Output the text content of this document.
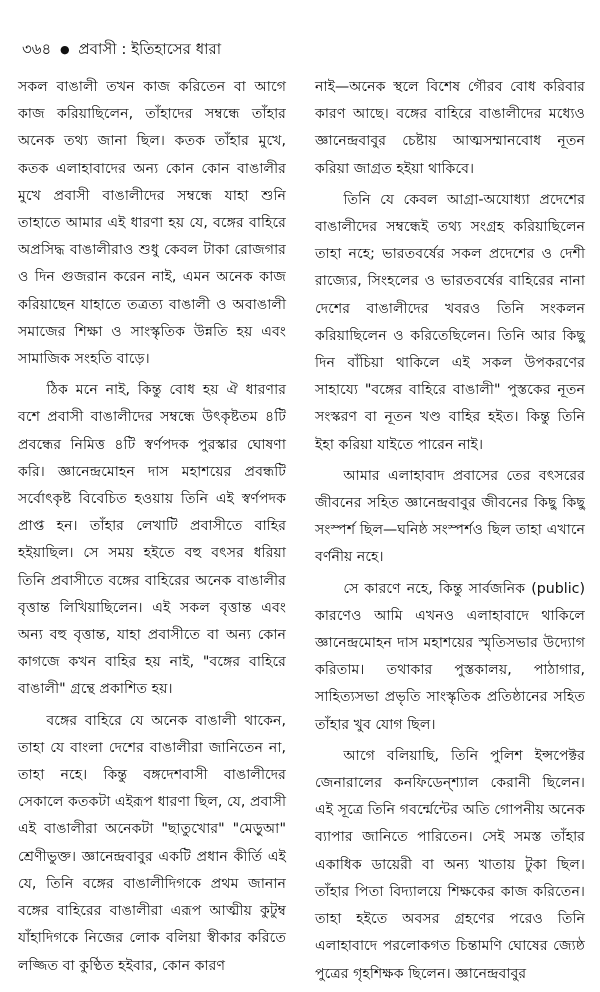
৩৬৪ ● প্রবাসী : ইতিহাসের ধারা

সকল বাঙালী তখন কাজ করিতেন বা আগে কাজ করিয়াছিলেন, তাঁহাদের সম্বন্ধে তাঁহার অনেক তথ্য জানা ছিল। কতক তাঁহার মুখে, কতক এলাহাবাদের অন্য কোন কোন বাঙালীর মুখে প্রবাসী বাঙালীদের সম্বন্ধে যাহা শুনি তাহাতে আমার এই ধারণা হয় যে, বঙ্গের বাহিরে অপ্রসিদ্ধ বাঙালীরাও শুধু কেবল টাকা রোজগার ও দিন গুজরান করেন নাই, এমন অনেক কাজ করিয়াছেন যাহাতে তত্রত্য বাঙালী ও অবাঙালী সমাজের শিক্ষা ও সাংস্কৃতিক উন্নতি হয় এবং সামাজিক সংহতি বাড়ে।

ঠিক মনে নাই, কিন্তু বোধ হয় ঐ ধারণার বশে প্রবাসী বাঙালীদের সম্বন্ধে উৎকৃষ্টতম ৪টি প্রবন্ধের নিমিত্ত ৪টি স্বর্ণপদক পুরস্কার ঘোষণা করি। জ্ঞানেন্দ্রমোহন দাস মহাশয়ের প্রবন্ধটি সর্বোৎকৃষ্ট বিবেচিত হওয়ায় তিনি এই স্বর্ণপদক প্রাপ্ত হন। তাঁহার লেখাটি প্রবাসীতে বাহির হইয়াছিল। সে সময় হইতে বহু বৎসর ধরিয়া তিনি প্রবাসীতে বঙ্গের বাহিরের অনেক বাঙালীর বৃত্তান্ত লিখিয়াছিলেন। এই সকল বৃত্তান্ত এবং অন্য বহু বৃত্তান্ত, যাহা প্রবাসীতে বা অন্য কোন কাগজে কখন বাহির হয় নাই, "বঙ্গের বাহিরে বাঙালী" গ্রন্থে প্রকাশিত হয়।

বঙ্গের বাহিরে যে অনেক বাঙালী থাকেন, তাহা যে বাংলা দেশের বাঙালীরা জানিতেন না, তাহা নহে। কিন্তু বঙ্গদেশবাসী বাঙালীদের সেকালে কতকটা এইরূপ ধারণা ছিল, যে, প্রবাসী এই বাঙালীরা অনেকটা "ছাতুখোর" "মেড়ুআ" শ্রেণীভুক্ত। জ্ঞানেন্দ্রবাবুর একটি প্রধান কীর্তি এই যে, তিনি বঙ্গের বাঙালীদিগকে প্রথম জানান বঙ্গের বাহিরের বাঙালীরা এরূপ আত্মীয় কুটুম্ব যাঁহাদিগকে নিজের লোক বলিয়া স্বীকার করিতে লজ্জিত বা কুণ্ঠিত হইবার, কোন কারণ

নাই—অনেক স্থলে বিশেষ গৌরব বোধ করিবার কারণ আছে। বঙ্গের বাহিরে বাঙালীদের মধ্যেও জ্ঞানেন্দ্রবাবুর চেষ্টায় আত্মসম্মানবোধ নূতন করিয়া জাগ্রত হইয়া থাকিবে।

তিনি যে কেবল আগ্রা-অযোধ্যা প্রদেশের বাঙালীদের সম্বন্ধেই তথ্য সংগ্রহ করিয়াছিলেন তাহা নহে; ভারতবর্ষের সকল প্রদেশের ও দেশী রাজ্যের, সিংহলের ও ভারতবর্ষের বাহিরের নানা দেশের বাঙালীদের খবরও তিনি সংকলন করিয়াছিলেন ও করিতেছিলেন। তিনি আর কিছু দিন বাঁচিয়া থাকিলে এই সকল উপকরণের সাহায্যে "বঙ্গের বাহিরে বাঙালী" পুস্তকের নূতন সংস্করণ বা নূতন খণ্ড বাহির হইত। কিন্তু তিনি ইহা করিয়া যাইতে পারেন নাই।

আমার এলাহাবাদ প্রবাসের তের বৎসরের জীবনের সহিত জ্ঞানেন্দ্রবাবুর জীবনের কিছু কিছু সংস্পর্শ ছিল—ঘনিষ্ঠ সংস্পর্শও ছিল তাহা এখানে বর্ণনীয় নহে।

সে কারণে নহে, কিন্তু সার্বজনিক (public) কারণেও আমি এখনও এলাহাবাদে থাকিলে জ্ঞানেন্দ্রমোহন দাস মহাশয়ের স্মৃতিসভার উদ্যোগ করিতাম। তথাকার পুস্তকালয়, পাঠাগার, সাহিত্যসভা প্রভৃতি সাংস্কৃতিক প্রতিষ্ঠানের সহিত তাঁহার খুব যোগ ছিল।

আগে বলিয়াছি, তিনি পুলিশ ইন্সপেক্টর জেনারালের কনফিডেন্শ্যাল কেরানী ছিলেন। এই সূত্রে তিনি গবর্ন্মেন্টের অতি গোপনীয় অনেক ব্যাপার জানিতে পারিতেন। সেই সমস্ত তাঁহার একাধিক ডায়েরী বা অন্য খাতায় টুকা ছিল। তাঁহার পিতা বিদ্যালয়ে শিক্ষকের কাজ করিতেন। তাহা হইতে অবসর গ্রহণের পরেও তিনি এলাহাবাদে পরলোকগত চিন্তামণি ঘোষের জ্যেষ্ঠ পুত্রের গৃহশিক্ষক ছিলেন। জ্ঞানেন্দ্রবাবুর
